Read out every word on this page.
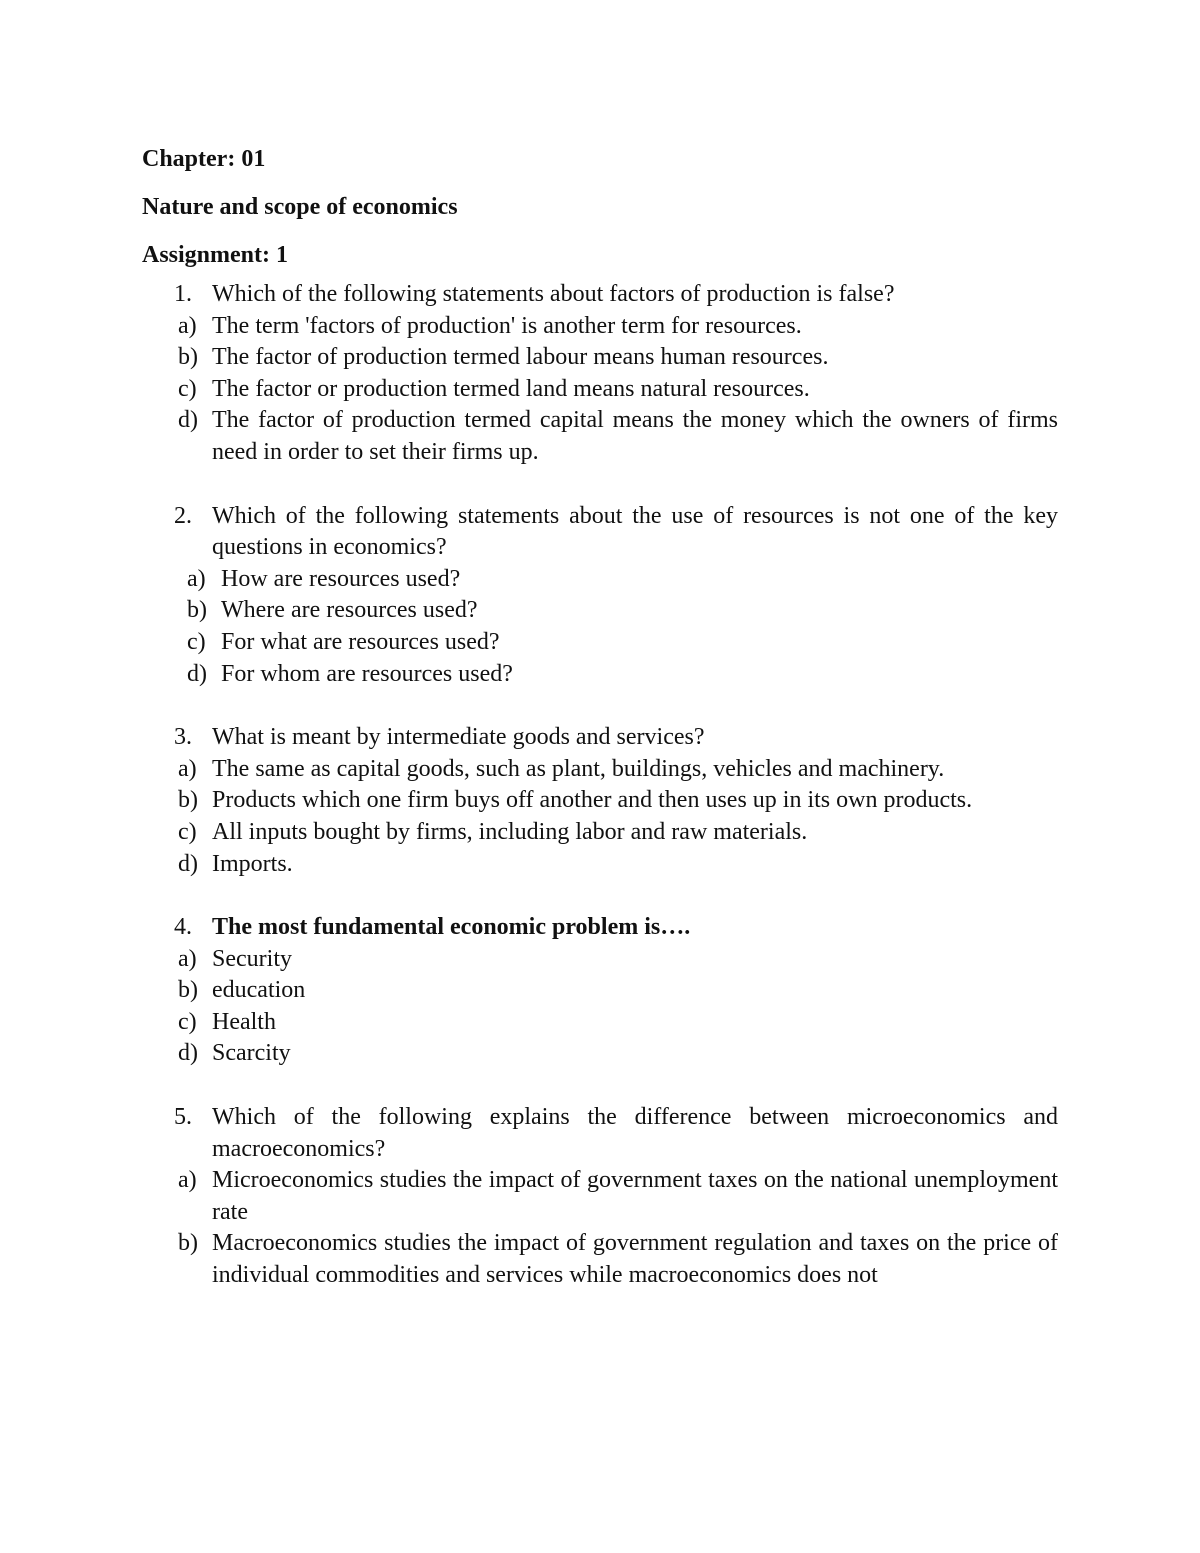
Chapter: 01
Nature and scope of economics
Assignment: 1
1. Which of the following statements about factors of production is false?
a) The term 'factors of production' is another term for resources.
b) The factor of production termed labour means human resources.
c) The factor or production termed land means natural resources.
d) The factor of production termed capital means the money which the owners of firms need in order to set their firms up.
2. Which of the following statements about the use of resources is not one of the key questions in economics?
a) How are resources used?
b) Where are resources used?
c) For what are resources used?
d) For whom are resources used?
3. What is meant by intermediate goods and services?
a) The same as capital goods, such as plant, buildings, vehicles and machinery.
b) Products which one firm buys off another and then uses up in its own products.
c) All inputs bought by firms, including labor and raw materials.
d) Imports.
4. The most fundamental economic problem is….
a) Security
b) education
c) Health
d) Scarcity
5. Which of the following explains the difference between microeconomics and macroeconomics?
a) Microeconomics studies the impact of government taxes on the national unemployment rate
b) Macroeconomics studies the impact of government regulation and taxes on the price of individual commodities and services while macroeconomics does not
